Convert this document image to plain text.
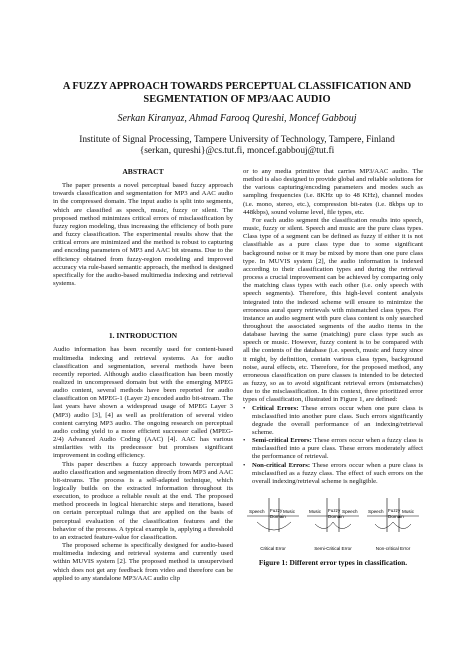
A FUZZY APPROACH TOWARDS PERCEPTUAL CLASSIFICATION AND
SEGMENTATION OF MP3/AAC AUDIO
Serkan Kiranyaz, Ahmad Farooq Qureshi, Moncef Gabbouj
Institute of Signal Processing, Tampere University of Technology, Tampere, Finland
{serkan, qureshi}@cs.tut.fi, moncef.gabbouj@tut.fi
ABSTRACT

The paper presents a novel perceptual based fuzzy approach towards classification and segmentation for MP3 and AAC audio in the compressed domain. The input audio is split into segments, which are classified as speech, music, fuzzy or silent. The proposed method minimizes critical errors of misclassification by fuzzy region modeling, thus increasing the efficiency of both pure and fuzzy classification. The experimental results show that the critical errors are minimized and the method is robust to capturing and encoding parameters of MP3 and AAC bit streams. Due to the efficiency obtained from fuzzy-region modeling and improved accuracy via rule-based semantic approach, the method is designed specifically for the audio-based multimedia indexing and retrieval systems.

1. INTRODUCTION

Audio information has been recently used for content-based multimedia indexing and retrieval systems. As for audio classification and segmentation, several methods have been recently reported. Although audio classification has been mostly realized in uncompressed domain but with the emerging MPEG audio content, several methods have been reported for audio classification on MPEG-1 (Layer 2) encoded audio bit-stream. The last years have shown a widespread usage of MPEG Layer 3 (MP3) audio [3], [4] as well as proliferation of several video content carrying MP3 audio. The ongoing research on perceptual audio coding yield to a more efficient successor called (MPEG-2/4) Advanced Audio Coding (AAC) [4]. AAC has various similarities with its predecessor but promises significant improvement in coding efficiency.

This paper describes a fuzzy approach towards perceptual audio classification and segmentation directly from MP3 and AAC bit-streams. The process is a self-adapted technique, which logically builds on the extracted information throughout its execution, to produce a reliable result at the end. The proposed method proceeds in logical hierarchic steps and iterations, based on certain perceptual rulings that are applied on the basis of perceptual evaluation of the classification features and the behavior of the process. A typical example is, applying a threshold to an extracted feature-value for classification.

The proposed scheme is specifically designed for audio-based multimedia indexing and retrieval systems and currently used within MUVIS system [2]. The proposed method is unsupervised which does not get any feedback from video and therefore can be applied to any standalone MP3/AAC audio clip

or to any media primitive that carries MP3/AAC audio. The method is also designed to provide global and reliable solutions for the various capturing/encoding parameters and modes such as sampling frequencies (i.e. 8KHz up to 48 KHz), channel modes (i.e. mono, stereo, etc.), compression bit-rates (i.e. 8kbps up to 448kbps), sound volume level, file types, etc.

For each audio segment the classification results into speech, music, fuzzy or silent. Speech and music are the pure class types. Class type of a segment can be defined as fuzzy if either it is not classifiable as a pure class type due to some significant background noise or it may be mixed by more than one pure class type. In MUVIS system [2], the audio information is indexed according to their classification types and during the retrieval process a crucial improvement can be achieved by comparing only the matching class types with each other (i.e. only speech with speech segments). Therefore, this high-level content analysis integrated into the indexed scheme will ensure to minimize the erroneous aural query retrievals with mismatched class types. For instance an audio segment with pure class content is only searched throughout the associated segments of the audio items in the database having the same (matching) pure class type such as speech or music. However, fuzzy content is to be compared with all the contents of the database (i.e. speech, music and fuzzy since it might, by definition, contain various class types, background noise, aural effects, etc. Therefore, for the proposed method, any erroneous classification on pure classes is intended to be detected as fuzzy, so as to avoid significant retrieval errors (mismatches) due to the misclassification. In this context, three prioritized error types of classification, illustrated in Figure 1, are defined:

• Critical Errors: These errors occur when one pure class is misclassified into another pure class. Such errors significantly degrade the overall performance of an indexing/retrieval scheme.
• Semi-critical Errors: These errors occur when a fuzzy class is misclassified into a pure class. These errors moderately affect the performance of retrieval.
• Non-critical Errors: These errors occur when a pure class is misclassified as a fuzzy class. The effect of such errors on the overall indexing/retrieval scheme is negligible.
Speech	Music
Fuzzy
Domain
Critical Error
Music	Speech
Fuzzy
Domain
Semi-Critical Error
Speech	Music
Fuzzy
Domain
Non-critical Error
Figure 1: Different error types in classification.
